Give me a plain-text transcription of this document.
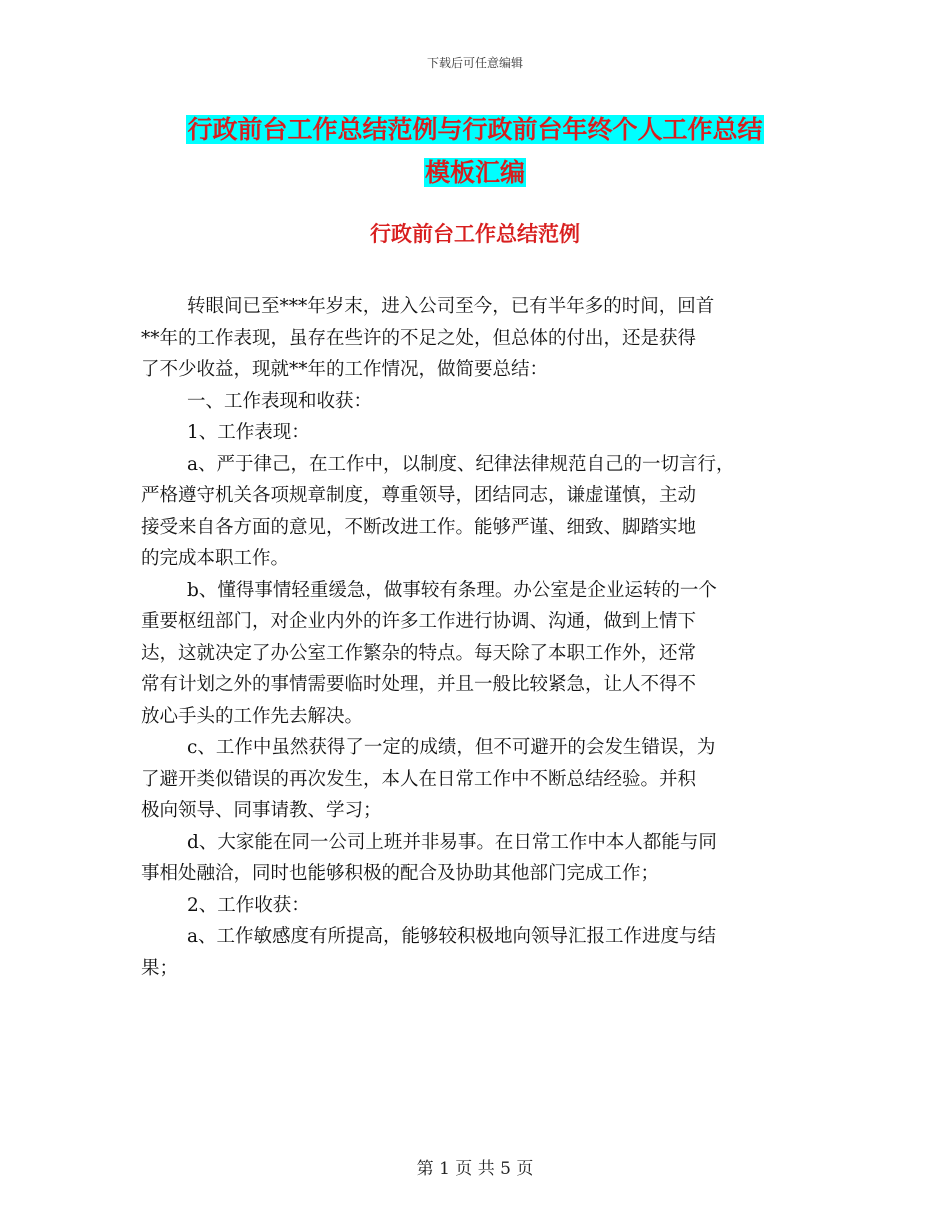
下载后可任意编辑
行政前台工作总结范例与行政前台年终个人工作总结
模板汇编
行政前台工作总结范例
转眼间已至***年岁末，进入公司至今，已有半年多的时间，回首
**年的工作表现，虽存在些许的不足之处，但总体的付出，还是获得
了不少收益，现就**年的工作情况，做简要总结：
一、工作表现和收获：
1、工作表现：
a、严于律己，在工作中，以制度、纪律法律规范自己的一切言行，
严格遵守机关各项规章制度，尊重领导，团结同志，谦虚谨慎，主动
接受来自各方面的意见，不断改进工作。能够严谨、细致、脚踏实地
的完成本职工作。
b、懂得事情轻重缓急，做事较有条理。办公室是企业运转的一个
重要枢纽部门，对企业内外的许多工作进行协调、沟通，做到上情下
达，这就决定了办公室工作繁杂的特点。每天除了本职工作外，还常
常有计划之外的事情需要临时处理，并且一般比较紧急，让人不得不
放心手头的工作先去解决。
c、工作中虽然获得了一定的成绩，但不可避开的会发生错误，为
了避开类似错误的再次发生，本人在日常工作中不断总结经验。并积
极向领导、同事请教、学习；
d、大家能在同一公司上班并非易事。在日常工作中本人都能与同
事相处融洽，同时也能够积极的配合及协助其他部门完成工作；
2、工作收获：
a、工作敏感度有所提高，能够较积极地向领导汇报工作进度与结
果；
第 1 页 共 5 页
